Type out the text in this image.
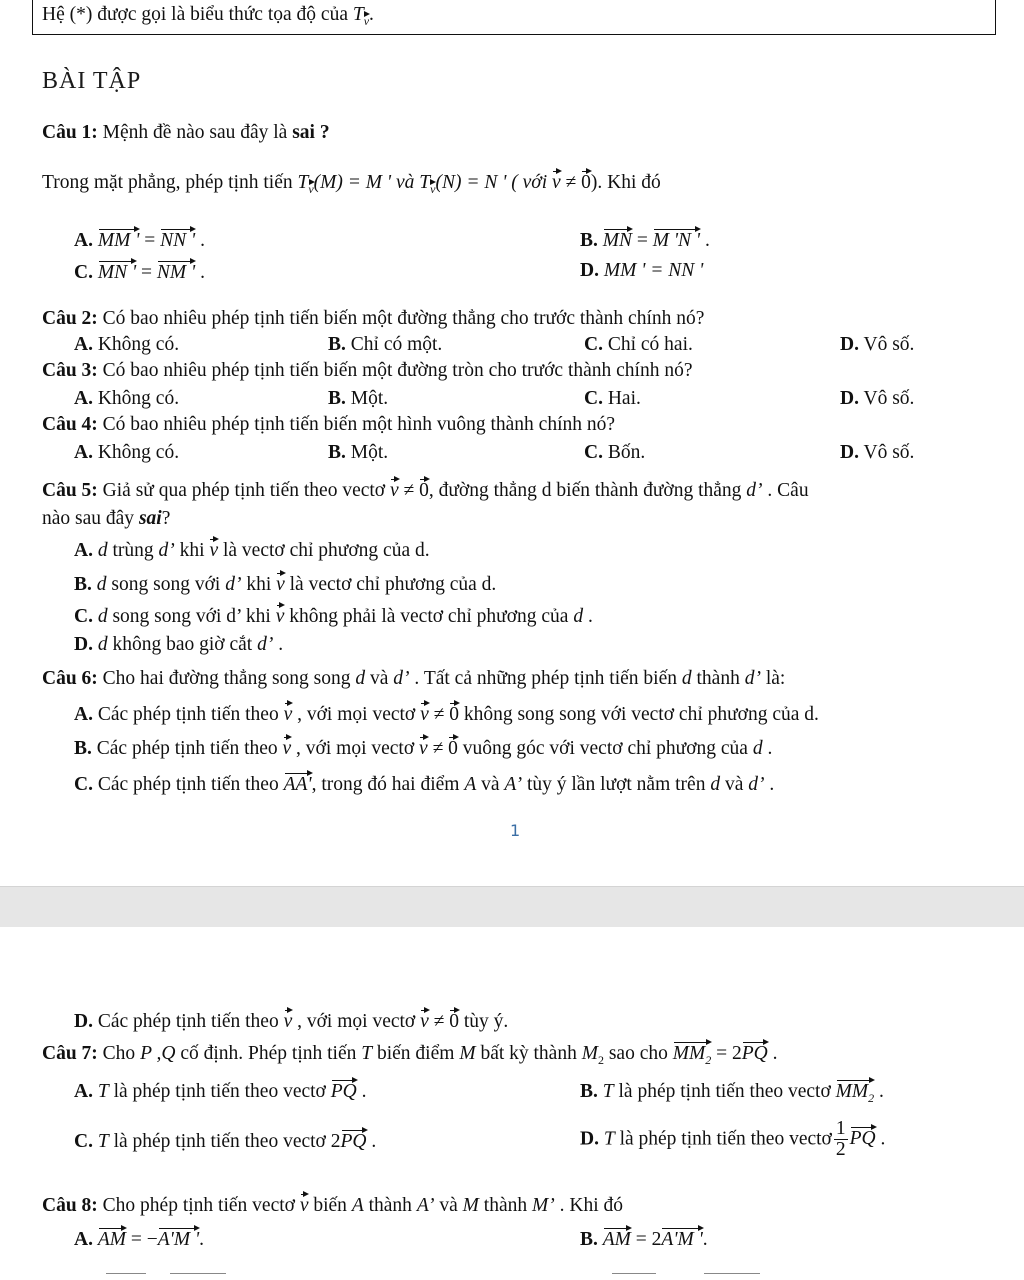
Hệ (*) được gọi là biểu thức tọa độ của $T_v$.
BÀI TẬP
Câu 1: Mệnh đề nào sau đây là sai ?
Trong mặt phẳng, phép tịnh tiến $T_v(M) = M$ ' và $T_v(N) = N$ ' ( với v ≠ 0). Khi đó
A. MM ' = NN ' .	B. MN = M 'N ' .
C. MN ' = NM ' .	D. MM ' = NN '
Câu 2: Có bao nhiêu phép tịnh tiến biến một đường thẳng cho trước thành chính nó?
A. Không có.	B. Chỉ có một.	C. Chỉ có hai.	D. Vô số.
Câu 3: Có bao nhiêu phép tịnh tiến biến một đường tròn cho trước thành chính nó?
A. Không có.	B. Một.	C. Hai.	D. Vô số.
Câu 4: Có bao nhiêu phép tịnh tiến biến một hình vuông thành chính nó?
A. Không có.	B. Một.	C. Bốn.	D. Vô số.
Câu 5: Giả sử qua phép tịnh tiến theo vectơ v ≠ 0, đường thẳng d biến thành đường thẳng d’ . Câu
nào sau đây sai?
A. d trùng d’ khi v là vectơ chỉ phương của d.
B. d song song với d’ khi v là vectơ chỉ phương của d.
C. d song song với d’ khi v không phải là vectơ chỉ phương của d .
D. d không bao giờ cắt d’ .
Câu 6: Cho hai đường thẳng song song d và d’ . Tất cả những phép tịnh tiến biến d thành d’ là:
A. Các phép tịnh tiến theo v , với mọi vectơ v ≠ 0 không song song với vectơ chỉ phương của d.
B. Các phép tịnh tiến theo v , với mọi vectơ v ≠ 0 vuông góc với vectơ chỉ phương của d .
C. Các phép tịnh tiến theo AA', trong đó hai điểm A và A’ tùy ý lần lượt nằm trên d và d’ .
1
D. Các phép tịnh tiến theo v , với mọi vectơ v ≠ 0 tùy ý.
Câu 7: Cho P ,Q cố định. Phép tịnh tiến T biến điểm M bất kỳ thành $M_2$ sao cho $MM_2 = 2PQ$ .
A. T là phép tịnh tiến theo vectơ PQ .	B. T là phép tịnh tiến theo vectơ $MM_2$ .
C. T là phép tịnh tiến theo vectơ 2PQ .	D. T là phép tịnh tiến theo vectơ $\frac{1}{2}$ PQ .
Câu 8: Cho phép tịnh tiến vectơ v biến A thành A’ và M thành M’ . Khi đó
A. AM = −A'M '.	B. AM = 2A'M '.
